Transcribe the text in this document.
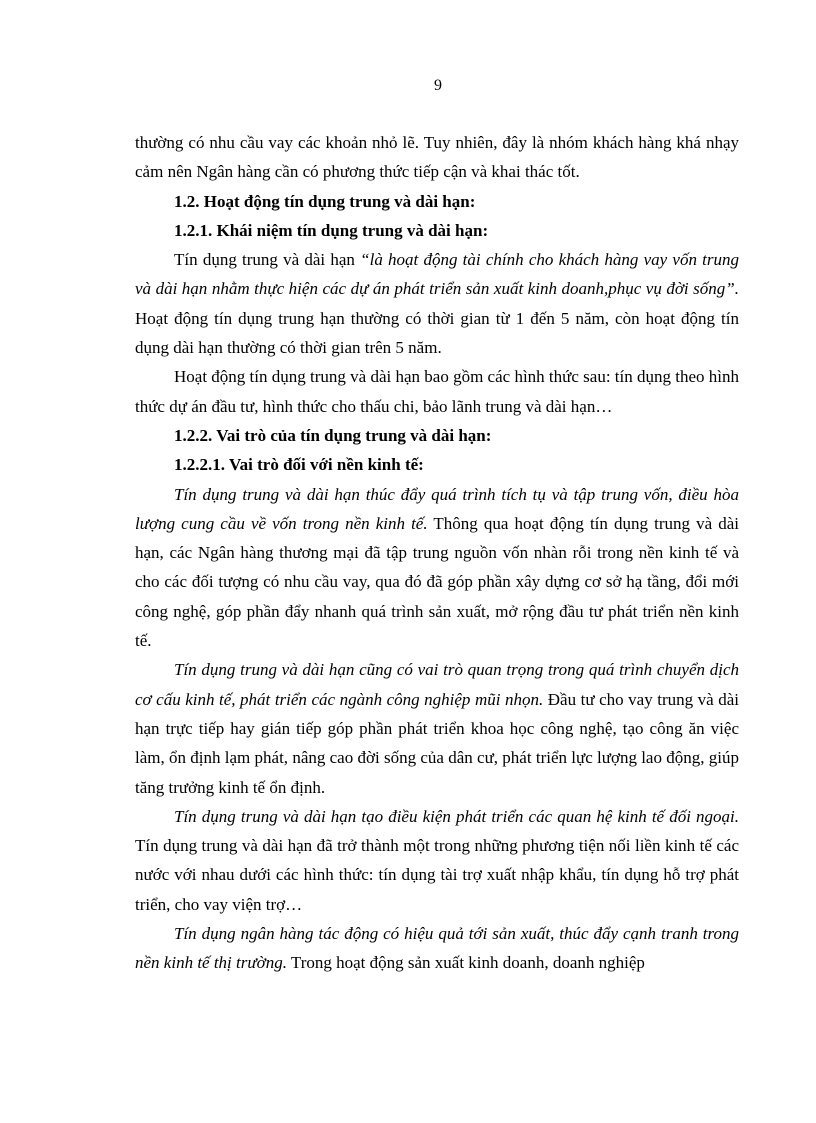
9

thường có nhu cầu vay các khoản nhỏ lẽ. Tuy nhiên, đây là nhóm khách hàng khá nhạy cảm nên Ngân hàng cần có phương thức tiếp cận và khai thác tốt.

1.2. Hoạt động tín dụng trung và dài hạn:

1.2.1. Khái niệm tín dụng trung và dài hạn:

Tín dụng trung và dài hạn “là hoạt động tài chính cho khách hàng vay vốn trung và dài hạn nhằm thực hiện các dự án phát triển sản xuất kinh doanh,phục vụ đời sống”. Hoạt động tín dụng trung hạn thường có thời gian từ 1 đến 5 năm, còn hoạt động tín dụng dài hạn thường có thời gian trên 5 năm.

Hoạt động tín dụng trung và dài hạn bao gồm các hình thức sau: tín dụng theo hình thức dự án đầu tư, hình thức cho thấu chi, bảo lãnh trung và dài hạn…

1.2.2. Vai trò của tín dụng trung và dài hạn:

1.2.2.1. Vai trò đối với nền kinh tế:

Tín dụng trung và dài hạn thúc đẩy quá trình tích tụ và tập trung vốn, điều hòa lượng cung cầu về vốn trong nền kinh tế. Thông qua hoạt động tín dụng trung và dài hạn, các Ngân hàng thương mại đã tập trung nguồn vốn nhàn rỗi trong nền kinh tế và cho các đối tượng có nhu cầu vay, qua đó đã góp phần xây dựng cơ sở hạ tầng, đổi mới công nghệ, góp phần đẩy nhanh quá trình sản xuất, mở rộng đầu tư phát triển nền kinh tế.

Tín dụng trung và dài hạn cũng có vai trò quan trọng trong quá trình chuyển dịch cơ cấu kinh tế, phát triển các ngành công nghiệp mũi nhọn. Đầu tư cho vay trung và dài hạn trực tiếp hay gián tiếp góp phần phát triển khoa học công nghệ, tạo công ăn việc làm, ổn định lạm phát, nâng cao đời sống của dân cư, phát triển lực lượng lao động, giúp tăng trưởng kinh tế ổn định.

Tín dụng trung và dài hạn tạo điều kiện phát triển các quan hệ kinh tế đối ngoại. Tín dụng trung và dài hạn đã trở thành một trong những phương tiện nối liền kinh tế các nước với nhau dưới các hình thức: tín dụng tài trợ xuất nhập khẩu, tín dụng hỗ trợ phát triển, cho vay viện trợ…

Tín dụng ngân hàng tác động có hiệu quả tới sản xuất, thúc đẩy cạnh tranh trong nền kinh tế thị trường. Trong hoạt động sản xuất kinh doanh, doanh nghiệp
